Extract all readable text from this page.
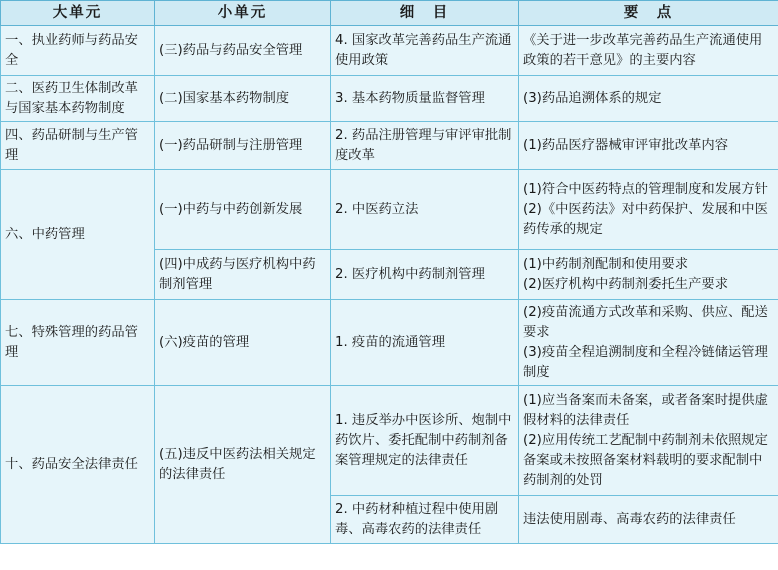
大单元	小单元	细　目	要　点
一、执业药师与药品安全	(三)药品与药品安全管理	4. 国家改革完善药品生产流通使用政策	《关于进一步改革完善药品生产流通使用政策的若干意见》的主要内容

二、医药卫生体制改革与国家基本药物制度	(二)国家基本药物制度	3. 基本药物质量监督管理	(3)药品追溯体系的规定

四、药品研制与生产管理	(一)药品研制与注册管理	2. 药品注册管理与审评审批制度改革	(1)药品医疗器械审评审批改革内容

六、中药管理	(一)中药与中药创新发展	2. 中医药立法	(1)符合中医药特点的管理制度和发展方针
(2)《中医药法》对中药保护、发展和中医药传承的规定

	(四)中成药与医疗机构中药制剂管理	2. 医疗机构中药制剂管理	(1)中药制剂配制和使用要求
(2)医疗机构中药制剂委托生产要求

七、特殊管理的药品管理	(六)疫苗的管理	1. 疫苗的流通管理	(2)疫苗流通方式改革和采购、供应、配送要求
(3)疫苗全程追溯制度和全程冷链储运管理制度

十、药品安全法律责任	(五)违反中医药法相关规定的法律责任	1. 违反举办中医诊所、炮制中药饮片、委托配制中药制剂备案管理规定的法律责任	(1)应当备案而未备案，或者备案时提供虚假材料的法律责任
(2)应用传统工艺配制中药制剂未依照规定备案或未按照备案材料载明的要求配制中药制剂的处罚

		2. 中药材种植过程中使用剧毒、高毒农药的法律责任	违法使用剧毒、高毒农药的法律责任
